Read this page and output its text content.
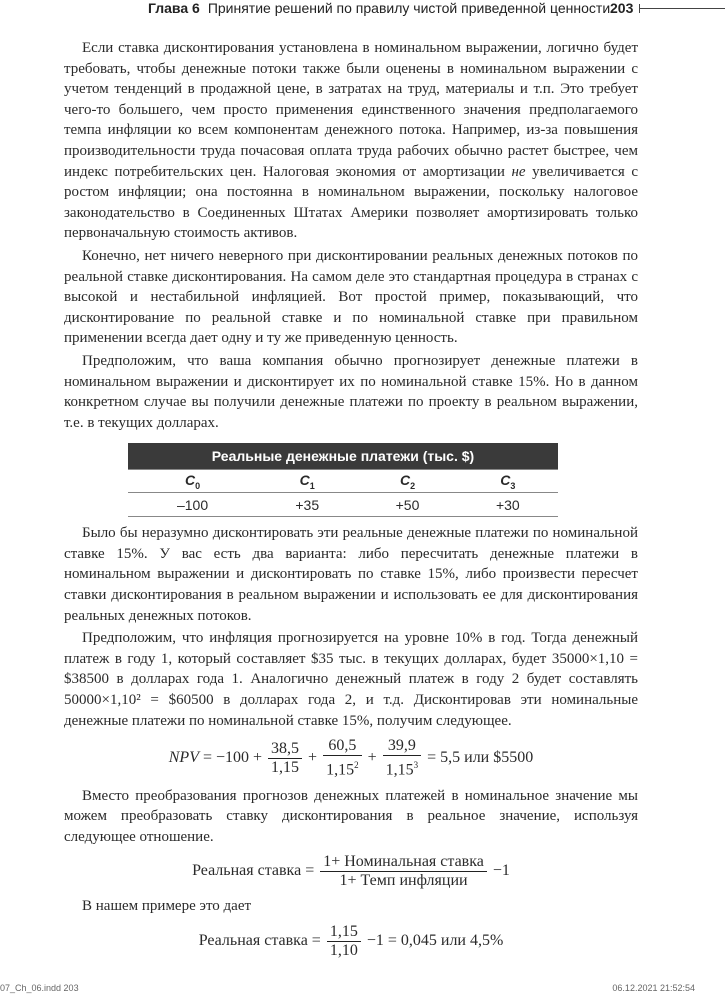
Глава 6 Принятие решений по правилу чистой приведенной ценности 203

Если ставка дисконтирования установлена в номинальном выражении, логично будет требовать, чтобы денежные потоки также были оценены в номинальном выражении с учетом тенденций в продажной цене, в затратах на труд, материалы и т.п. Это требует чего-то большего, чем просто применения единственного значения предполагаемого темпа инфляции ко всем компонентам денежного потока. Например, из-за повышения производительности труда почасовая оплата труда рабочих обычно растет быстрее, чем индекс потребительских цен. Налоговая экономия от амортизации не увеличивается с ростом инфляции; она постоянна в номинальном выражении, поскольку налоговое законодательство в Соединенных Штатах Америки позволяет амортизировать только первоначальную стоимость активов.

Конечно, нет ничего неверного при дисконтировании реальных денежных потоков по реальной ставке дисконтирования. На самом деле это стандартная процедура в странах с высокой и нестабильной инфляцией. Вот простой пример, показывающий, что дисконтирование по реальной ставке и по номинальной ставке при правильном применении всегда дает одну и ту же приведенную ценность.

Предположим, что ваша компания обычно прогнозирует денежные платежи в номинальном выражении и дисконтирует их по номинальной ставке 15%. Но в данном конкретном случае вы получили денежные платежи по проекту в реальном выражении, т.е. в текущих долларах.

Реальные денежные платежи (тыс. $)			
$C_0$	$C_1$	$C_2$	$C_3$
–100	+35	+50	+30

Было бы неразумно дисконтировать эти реальные денежные платежи по номинальной ставке 15%. У вас есть два варианта: либо пересчитать денежные платежи в номинальном выражении и дисконтировать по ставке 15%, либо произвести пересчет ставки дисконтирования в реальном выражении и использовать ее для дисконтирования реальных денежных потоков.

Предположим, что инфляция прогнозируется на уровне 10% в год. Тогда денежный платеж в году 1, который составляет $35 тыс. в текущих долларах, будет 35000×1,10 = $38500 в долларах года 1. Аналогично денежный платеж в году 2 будет составлять 50000×1,10² = $60500 в долларах года 2, и т.д. Дисконтировав эти номинальные денежные платежи по номинальной ставке 15%, получим следующее.

NPV = $-100 + \frac{38,5}{1,15} + \frac{60,5}{1,15^2} + \frac{39,9}{1,15^3} = 5,5$ или $5500

Вместо преобразования прогнозов денежных платежей в номинальное значение мы можем преобразовать ставку дисконтирования в реальное значение, используя следующее отношение.

Реальная ставка = $\frac{\text{1+ Номинальная ставка}}{\text{1+ Темп инфляции}} -1$

В нашем примере это дает

Реальная ставка = $\frac{1,15}{1,10} -1 = 0,045$ или 4,5%
07_Ch_06.indd 203	06.12.2021 21:52:54
